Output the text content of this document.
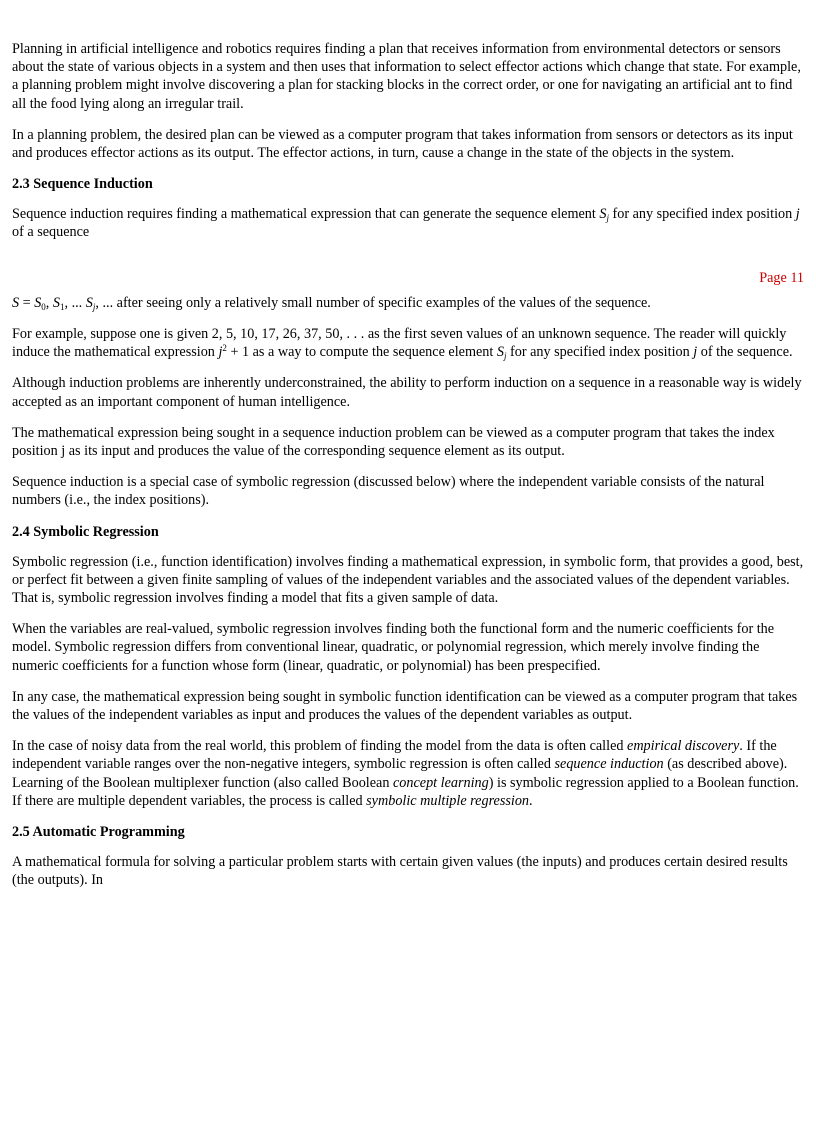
Planning in artificial intelligence and robotics requires finding a plan that receives information from environmental detectors or sensors about the state of various objects in a system and then uses that information to select effector actions which change that state. For example, a planning problem might involve discovering a plan for stacking blocks in the correct order, or one for navigating an artificial ant to find all the food lying along an irregular trail.

In a planning problem, the desired plan can be viewed as a computer program that takes information from sensors or detectors as its input and produces effector actions as its output. The effector actions, in turn, cause a change in the state of the objects in the system.

2.3 Sequence Induction

Sequence induction requires finding a mathematical expression that can generate the sequence element $S_j$ for any specified index position j of a sequence

Page 11

$S = S_0$, $S_1$, ... $S_j$, ... after seeing only a relatively small number of specific examples of the values of the sequence.

For example, suppose one is given 2, 5, 10, 17, 26, 37, 50, . . . as the first seven values of an unknown sequence. The reader will quickly induce the mathematical expression $j^2 + 1$ as a way to compute the sequence element $S_j$ for any specified index position j of the sequence.

Although induction problems are inherently underconstrained, the ability to perform induction on a sequence in a reasonable way is widely accepted as an important component of human intelligence.

The mathematical expression being sought in a sequence induction problem can be viewed as a computer program that takes the index position j as its input and produces the value of the corresponding sequence element as its output.

Sequence induction is a special case of symbolic regression (discussed below) where the independent variable consists of the natural numbers (i.e., the index positions).

2.4 Symbolic Regression

Symbolic regression (i.e., function identification) involves finding a mathematical expression, in symbolic form, that provides a good, best, or perfect fit between a given finite sampling of values of the independent variables and the associated values of the dependent variables. That is, symbolic regression involves finding a model that fits a given sample of data.

When the variables are real-valued, symbolic regression involves finding both the functional form and the numeric coefficients for the model. Symbolic regression differs from conventional linear, quadratic, or polynomial regression, which merely involve finding the numeric coefficients for a function whose form (linear, quadratic, or polynomial) has been prespecified.

In any case, the mathematical expression being sought in symbolic function identification can be viewed as a computer program that takes the values of the independent variables as input and produces the values of the dependent variables as output.

In the case of noisy data from the real world, this problem of finding the model from the data is often called empirical discovery. If the independent variable ranges over the non-negative integers, symbolic regression is often called sequence induction (as described above). Learning of the Boolean multiplexer function (also called Boolean concept learning) is symbolic regression applied to a Boolean function. If there are multiple dependent variables, the process is called symbolic multiple regression.

2.5 Automatic Programming

A mathematical formula for solving a particular problem starts with certain given values (the inputs) and produces certain desired results (the outputs). In
